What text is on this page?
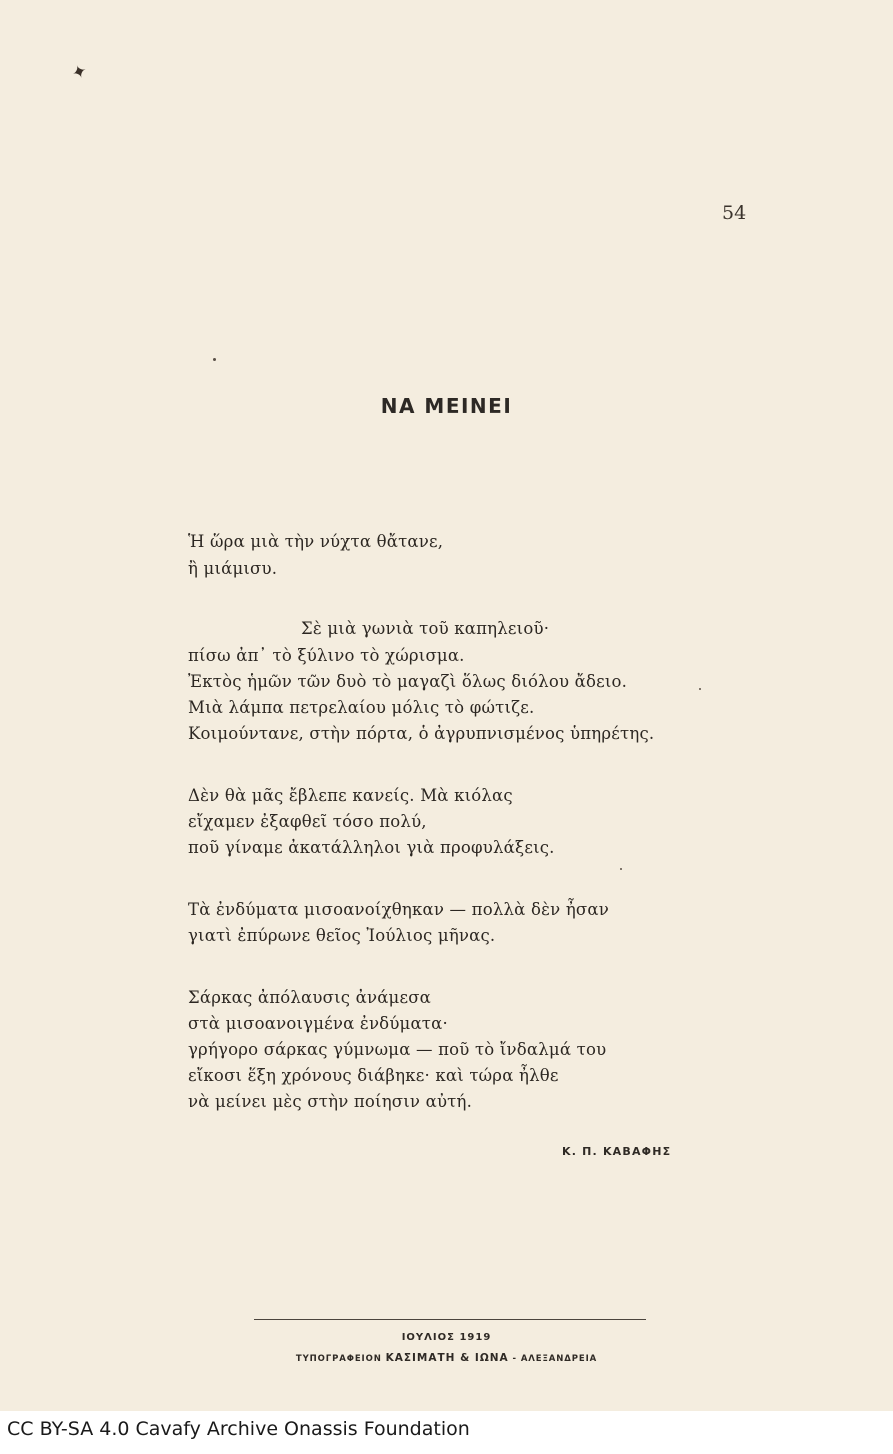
✦
54
ΝΑ ΜΕΙΝΕΙ
Ἡ ὥρα μιὰ τὴν νύχτα θἄτανε,
ἢ μιάμισυ.
Σὲ μιὰ γωνιὰ τοῦ καπηλειοῦ·
πίσω ἀπ᾿ τὸ ξύλινο τὸ χώρισμα.
Ἐκτὸς ἡμῶν τῶν δυὸ τὸ μαγαζὶ ὅλως διόλου ἄδειο.
Μιὰ λάμπα πετρελαίου μόλις τὸ φώτιζε.
Κοιμούντανε, στὴν πόρτα, ὁ ἀγρυπνισμένος ὑπηρέτης.
Δὲν θὰ μᾶς ἔβλεπε κανείς. Μὰ κιόλας
εἴχαμεν ἐξαφθεῖ τόσο πολύ,
ποῦ γίναμε ἀκατάλληλοι γιὰ προφυλάξεις.
Τὰ ἐνδύματα μισοανοίχθηκαν — πολλὰ δὲν ἦσαν
γιατὶ ἐπύρωνε θεῖος Ἰούλιος μῆνας.
Σάρκας ἀπόλαυσις ἀνάμεσα
στὰ μισοανοιγμένα ἐνδύματα·
γρήγορο σάρκας γύμνωμα — ποῦ τὸ ἴνδαλμά του
εἴκοσι ἕξη χρόνους διάβηκε· καὶ τώρα ἦλθε
νὰ μείνει μὲς στὴν ποίησιν αὐτή.
Κ. Π. ΚΑΒΑΦΗΣ
ΙΟΥΛΙΟΣ 1919
ΤΥΠΟΓΡΑΦΕΙΟΝ ΚΑΣΙΜΑΤΗ & ΙΩΝΑ - ΑΛΕΞΑΝΔΡΕΙΑ
CC BY-SA 4.0 Cavafy Archive Onassis Foundation
